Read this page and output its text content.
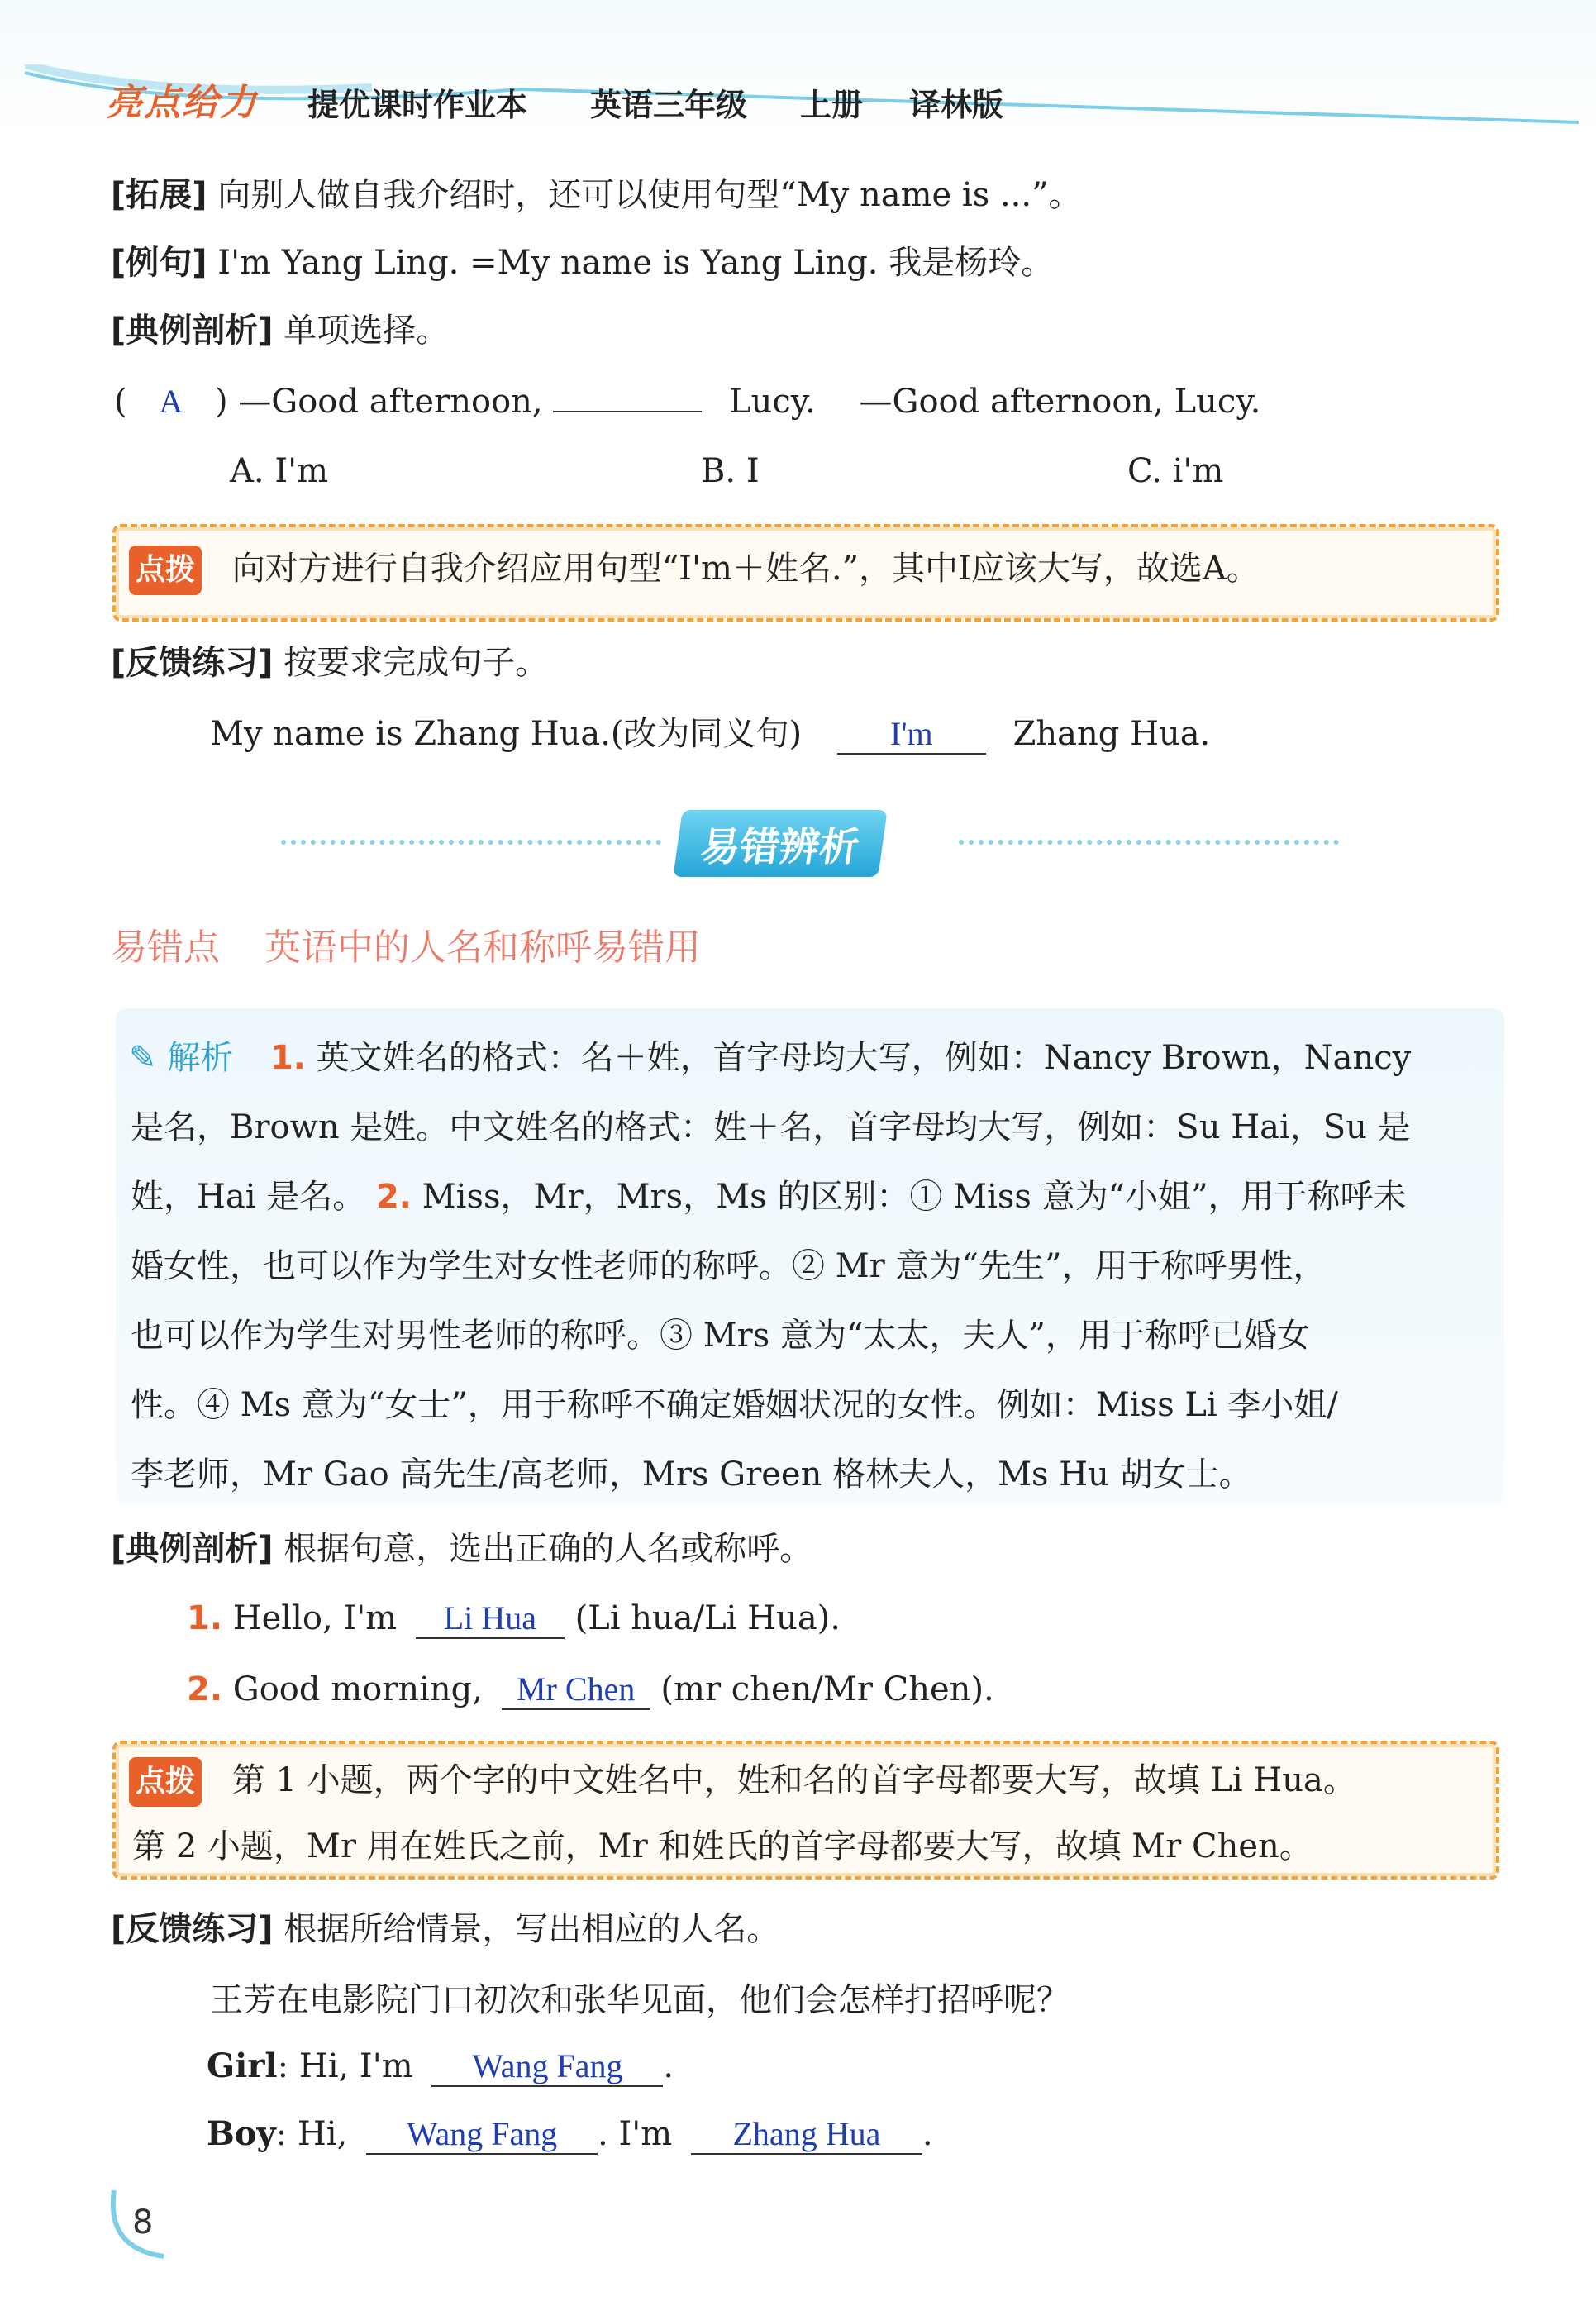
亮点给力 提优课时作业本 英语三年级 上册 译林版
[拓展] 向别人做自我介绍时，还可以使用句型“My name is ...”。
[例句] I'm Yang Ling. =My name is Yang Ling. 我是杨玲。
[典例剖析] 单项选择。
( A ) —Good afternoon,	Lucy. —Good afternoon, Lucy.
A. I'm	B. I	C. i'm
点拨 向对方进行自我介绍应用句型“I'm＋姓名.”，其中I应该大写，故选A。
[反馈练习] 按要求完成句子。
My name is Zhang Hua.(改为同义句)	I'm Zhang Hua.
易错辨析
易错点 英语中的人名和称呼易错用
✎ 解析 1. 英文姓名的格式：名＋姓，首字母均大写，例如：Nancy Brown，Nancy
是名，Brown 是姓。中文姓名的格式：姓＋名，首字母均大写，例如：Su Hai，Su 是
姓，Hai 是名。 2. Miss，Mr，Mrs，Ms 的区别：① Miss 意为“小姐”，用于称呼未
婚女性，也可以作为学生对女性老师的称呼。② Mr 意为“先生”，用于称呼男性，
也可以作为学生对男性老师的称呼。③ Mrs 意为“太太，夫人”，用于称呼已婚女
性。④ Ms 意为“女士”，用于称呼不确定婚姻状况的女性。例如：Miss Li 李小姐/
李老师，Mr Gao 高先生/高老师，Mrs Green 格林夫人，Ms Hu 胡女士。
[典例剖析] 根据句意，选出正确的人名或称呼。
1. Hello, I'm Li Hua (Li hua/Li Hua).
2. Good morning, Mr Chen (mr chen/Mr Chen).
点拨 第 1 小题，两个字的中文姓名中，姓和名的首字母都要大写，故填 Li Hua。
第 2 小题，Mr 用在姓氏之前，Mr 和姓氏的首字母都要大写，故填 Mr Chen。
[反馈练习] 根据所给情景，写出相应的人名。
王芳在电影院门口初次和张华见面，他们会怎样打招呼呢？
Girl: Hi, I'm Wang Fang .
Boy: Hi, Wang Fang . I'm Zhang Hua .
8
